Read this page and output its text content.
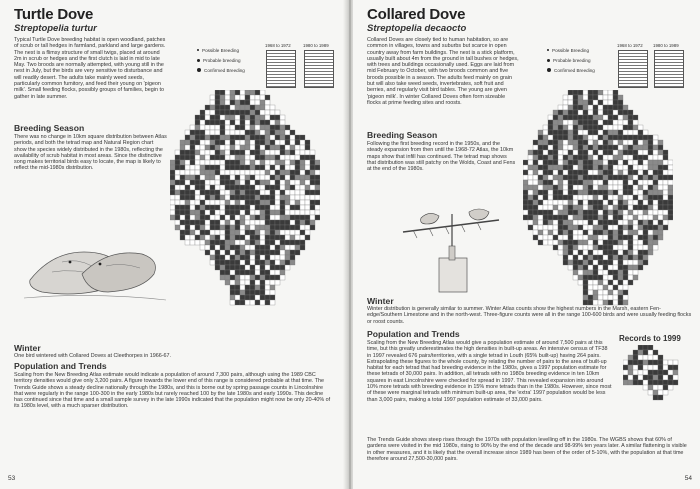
Turtle Dove
Streptopelia turtur
Typical Turtle Dove breeding habitat is open woodland, patches of scrub or tall hedges in farmland, parkland and large gardens. The nest is a flimsy structure of small twigs, placed at around 2m in scrub or hedges and the first clutch is laid in mid to late May. Two broods are normally attempted, with young still in the nest in July, but the birds are very sensitive to disturbance and will readily desert. The adults take mainly weed seeds, particularly common fumitory, and feed their young on 'pigeon milk'. Small feeding flocks, possibly groups of families, begin to gather in late summer.
Breeding Season
There was no change in 10km square distribution between Atlas periods, and both the tetrad map and Natural Region chart show the species widely distributed in the 1980s, reflecting the availability of scrub habitat in most areas. Since the distinctive song makes territorial birds easy to locate, the map is likely to reflect the mid-1980s distribution.
Possible Breeding
Probable breeding
Confirmed Breeding
1968 to 1972	1980 to 1989
Winter
One bird wintered with Collared Doves at Cleethorpes in 1966-67.
Population and Trends
Scaling from the New Breeding Atlas estimate would indicate a population of around 7,300 pairs, although using the 1989 CBC territory densities would give only 3,200 pairs. A figure towards the lower end of this range is considered probable at that time. The Trends Guide shows a steady decline nationally through the 1980s, and this is borne out by spring passage counts in Lincolnshire that were regularly in the range 100-300 in the early 1980s but rarely reached 100 by the late 1980s and early 1990s. This decline has continued since that time and a small sample survey in the late 1990s indicated that the population might now be only 20-40% of its 1980s level, with a much sparser distribution.
53
Collared Dove
Streptopelia decaocto
Collared Doves are closely tied to human habitation, so are common in villages, towns and suburbs but scarce in open country away from farm buildings. The nest is a stick platform, usually built about 4m from the ground in tall bushes or hedges, with trees and buildings occasionally used. Eggs are laid from mid February to October, with two broods common and five broods possible in a season. The adults feed mainly on grain but will also take weed seeds, invertebrates, soft fruit and berries, and regularly visit bird tables. The young are given 'pigeon milk'. In winter Collared Doves often form sizeable flocks at prime feeding sites and roosts.
Breeding Season
Following the first breeding record in the 1950s, and the steady expansion from then until the 1968-72 Atlas, the 10km maps show that infill has continued. The tetrad map shows that distribution was still patchy on the Wolds, Coast and Fens at the end of the 1980s.
Possible Breeding
Probable breeding
Confirmed Breeding
1968 to 1972 1980 to 1989
Winter
Winter distribution is generally similar to summer. Winter Atlas counts show the highest numbers in the Marsh, eastern Fen-edge/Southern Limestone and in the north-west. Three-figure counts were all in the range 100-600 birds and were usually feeding flocks or roost counts.
Population and Trends
Scaling from the New Breeding Atlas would give a population estimate of around 7,500 pairs at this time, but this greatly underestimates the high densities in built-up areas. An intensive census of TF38 in 1997 revealed 676 pairs/territories, with a single tetrad in Louth (65% built-up) having 264 pairs. Extrapolating these figures to the whole county, by relating the number of pairs to the area of built-up habitat for each tetrad that had breeding evidence in the 1980s, gives a 1997 population estimate for these tetrads of 30,000 pairs. In addition, all tetrads with no 1980s breeding evidence in ten 10km squares in east Lincolnshire were checked for spread in 1997. This revealed expansion into around 10% more tetrads with breeding evidence in 15% more tetrads than in the 1980s. However, since most of these were marginal tetrads with minimum built-up area, the 'extra' 1997 population would be less than 3,000 pairs, making a total 1997 population estimate of 33,000 pairs.
Records to 1999
The Trends Guide shows steep rises through the 1970s with population levelling off in the 1980s. The WGBS shows that 60% of gardens were visited in the mid 1980s, rising to 90% by the end of the decade and 98-99% ten years later. A similar flattening is visible in other measures, and it is likely that the overall increase since 1989 has been of the order of 5-10%, with the population at that time therefore around 27,500-30,000 pairs.
54
